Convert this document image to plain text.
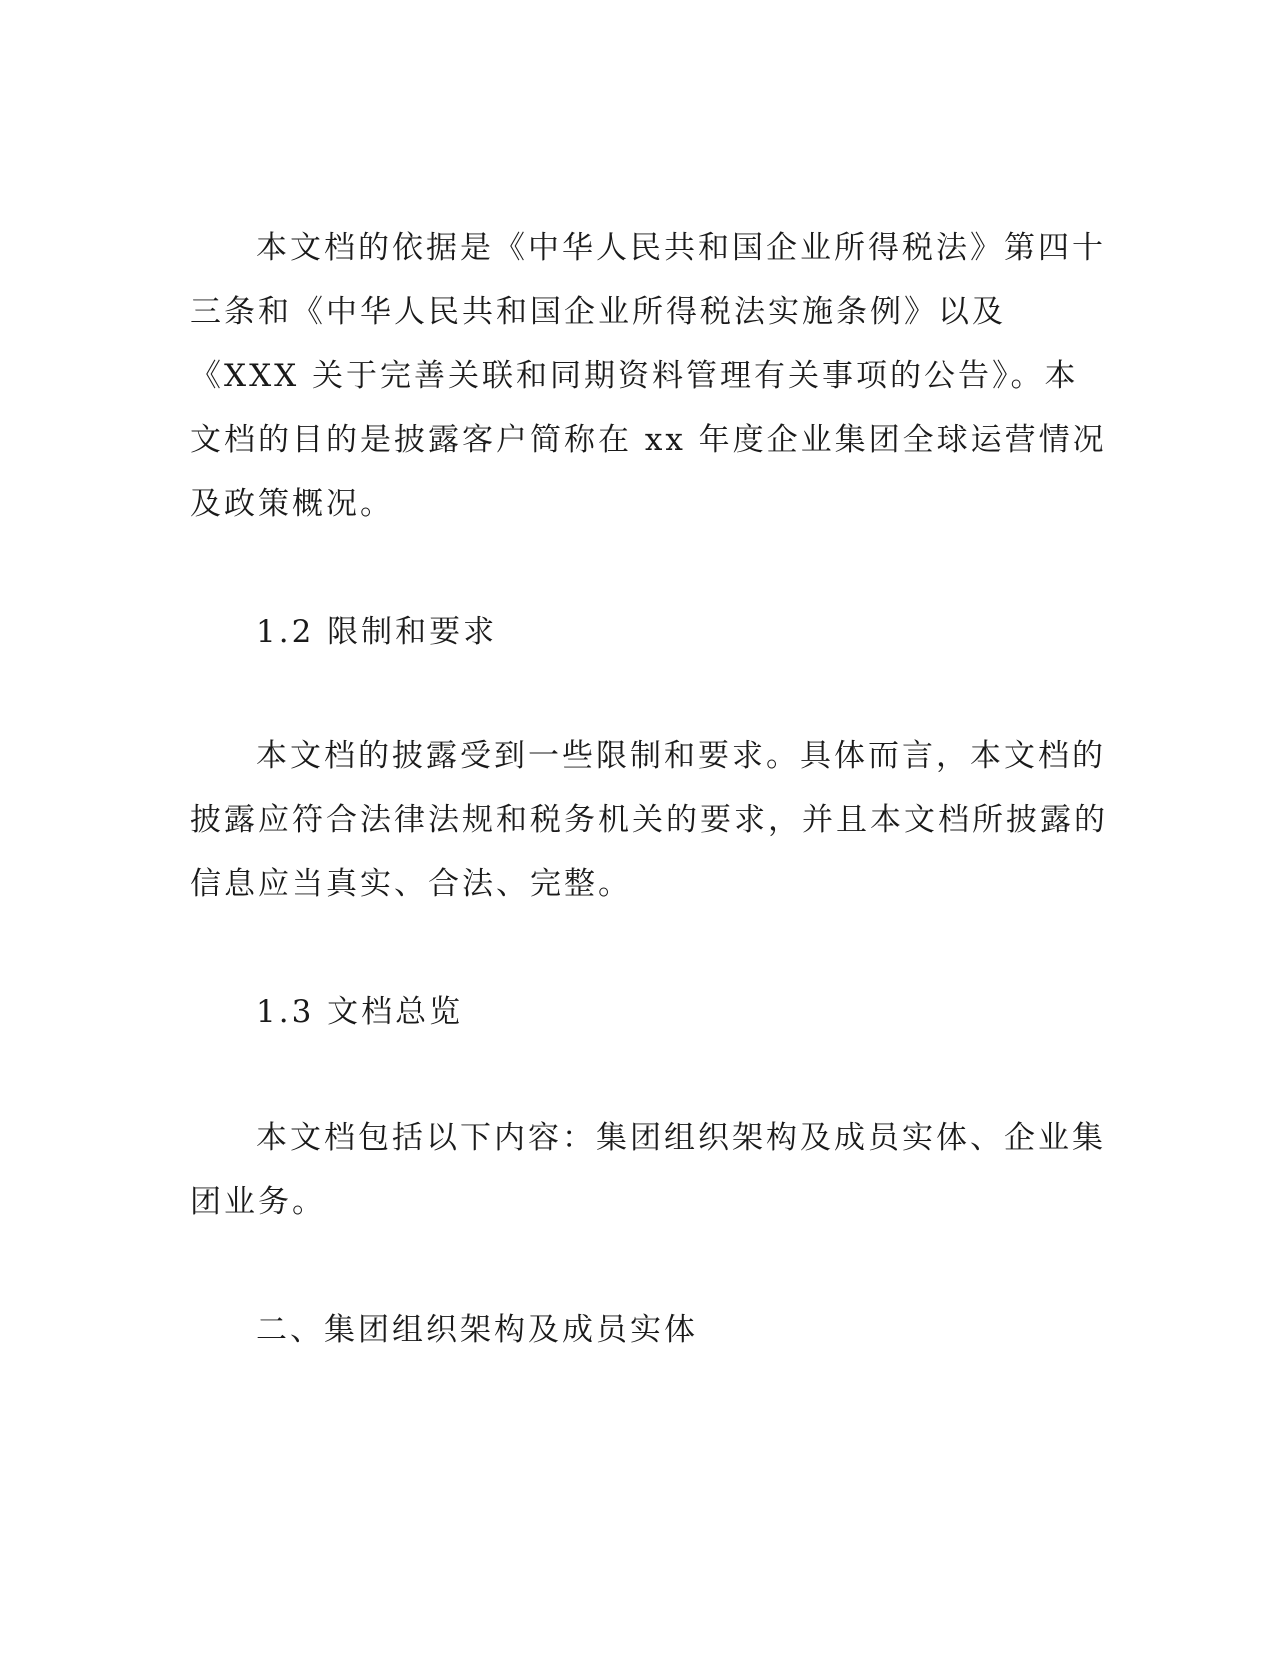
本文档的依据是《中华人民共和国企业所得税法》第四十
三条和《中华人民共和国企业所得税法实施条例》以及
《XXX 关于完善关联和同期资料管理有关事项的公告》。本
文档的目的是披露客户简称在 xx 年度企业集团全球运营情况
及政策概况。
1.2 限制和要求
本文档的披露受到一些限制和要求。具体而言，本文档的
披露应符合法律法规和税务机关的要求，并且本文档所披露的
信息应当真实、合法、完整。
1.3 文档总览
本文档包括以下内容：集团组织架构及成员实体、企业集
团业务。
二、集团组织架构及成员实体
